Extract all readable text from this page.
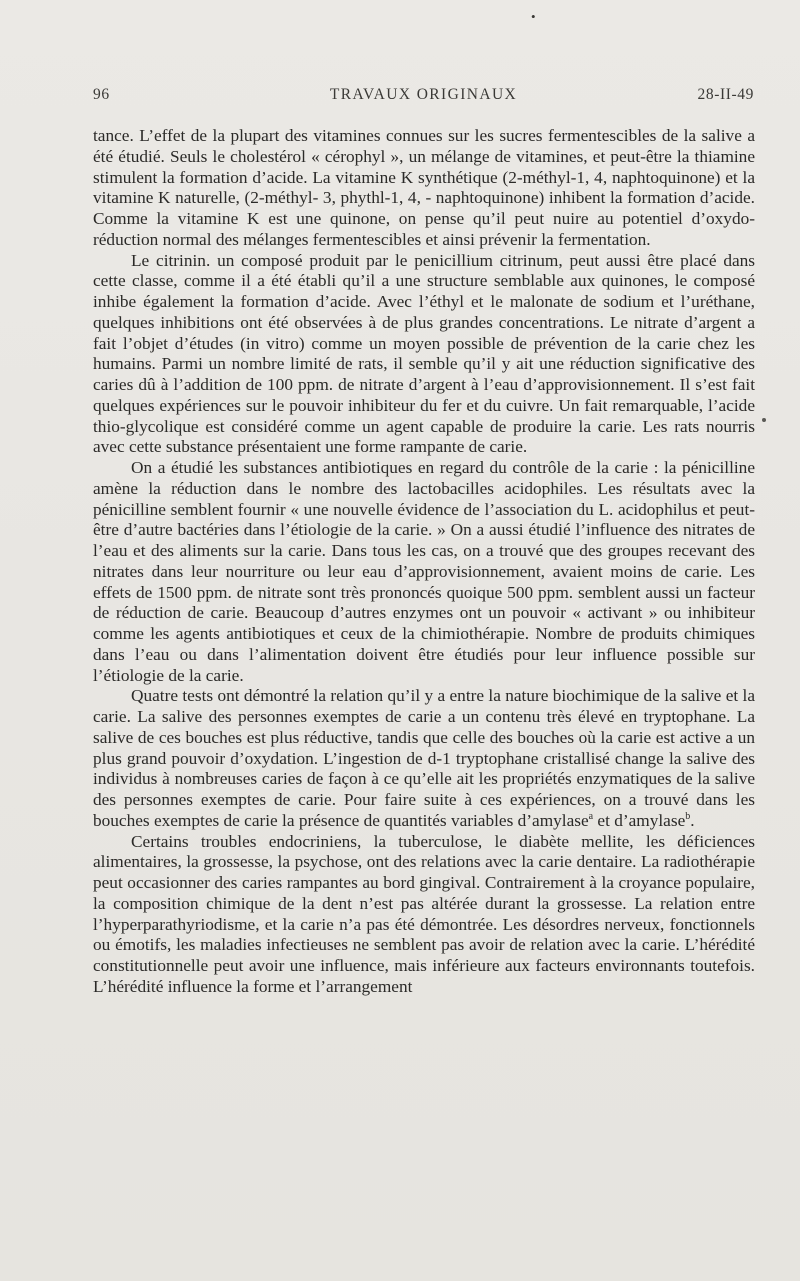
•
96	TRAVAUX ORIGINAUX	28-II-49

tance. L’effet de la plupart des vitamines connues sur les sucres fermentescibles de la salive a été étudié. Seuls le cholestérol « cérophyl », un mélange de vitamines, et peut-être la thiamine stimulent la formation d’acide. La vitamine K synthétique (2-méthyl-1, 4, naphtoquinone) et la vitamine K naturelle, (2-méthyl- 3, phythl-1, 4, - naphtoquinone) inhibent la formation d’acide. Comme la vitamine K est une quinone, on pense qu’il peut nuire au potentiel d’oxydo-réduction normal des mélanges fermentescibles et ainsi prévenir la fermentation.

Le citrinin. un composé produit par le penicillium citrinum, peut aussi être placé dans cette classe, comme il a été établi qu’il a une structure semblable aux quinones, le composé inhibe également la formation d’acide. Avec l’éthyl et le malonate de sodium et l’uréthane, quelques inhibitions ont été observées à de plus grandes concentrations. Le nitrate d’argent a fait l’objet d’études (in vitro) comme un moyen possible de prévention de la carie chez les humains. Parmi un nombre limité de rats, il semble qu’il y ait une réduction significative des caries dû à l’addition de 100 ppm. de nitrate d’argent à l’eau d’approvisionnement. Il s’est fait quelques expériences sur le pouvoir inhibiteur du fer et du cuivre. Un fait remarquable, l’acide thio-glycolique est considéré comme un agent capable de produire la carie. Les rats nourris avec cette substance présentaient une forme rampante de carie.

On a étudié les substances antibiotiques en regard du contrôle de la carie : la pénicilline amène la réduction dans le nombre des lactobacilles acidophiles. Les résultats avec la pénicilline semblent fournir « une nouvelle évidence de l’association du L. acidophilus et peut-être d’autre bactéries dans l’étiologie de la carie. » On a aussi étudié l’influence des nitrates de l’eau et des aliments sur la carie. Dans tous les cas, on a trouvé que des groupes recevant des nitrates dans leur nourriture ou leur eau d’approvisionnement, avaient moins de carie. Les effets de 1500 ppm. de nitrate sont très prononcés quoique 500 ppm. semblent aussi un facteur de réduction de carie. Beaucoup d’autres enzymes ont un pouvoir « activant » ou inhibiteur comme les agents antibiotiques et ceux de la chimiothérapie. Nombre de produits chimiques dans l’eau ou dans l’alimentation doivent être étudiés pour leur influence possible sur l’étiologie de la carie.

Quatre tests ont démontré la relation qu’il y a entre la nature biochimique de la salive et la carie. La salive des personnes exemptes de carie a un contenu très élevé en tryptophane. La salive de ces bouches est plus réductive, tandis que celle des bouches où la carie est active a un plus grand pouvoir d’oxydation. L’ingestion de d-1 tryptophane cristallisé change la salive des individus à nombreuses caries de façon à ce qu’elle ait les propriétés enzymatiques de la salive des personnes exemptes de carie. Pour faire suite à ces expériences, on a trouvé dans les bouches exemptes de carie la présence de quantités variables d’amylase$^a$ et d’amylase$^b$.

Certains troubles endocriniens, la tuberculose, le diabète mellite, les déficiences alimentaires, la grossesse, la psychose, ont des relations avec la carie dentaire. La radiothérapie peut occasionner des caries rampantes au bord gingival. Contrairement à la croyance populaire, la composition chimique de la dent n’est pas altérée durant la grossesse. La relation entre l’hyperparathyriodisme, et la carie n’a pas été démontrée. Les désordres nerveux, fonctionnels ou émotifs, les maladies infectieuses ne semblent pas avoir de relation avec la carie. L’hérédité constitutionnelle peut avoir une influence, mais inférieure aux facteurs environnants toutefois. L’hérédité influence la forme et l’arrangement
